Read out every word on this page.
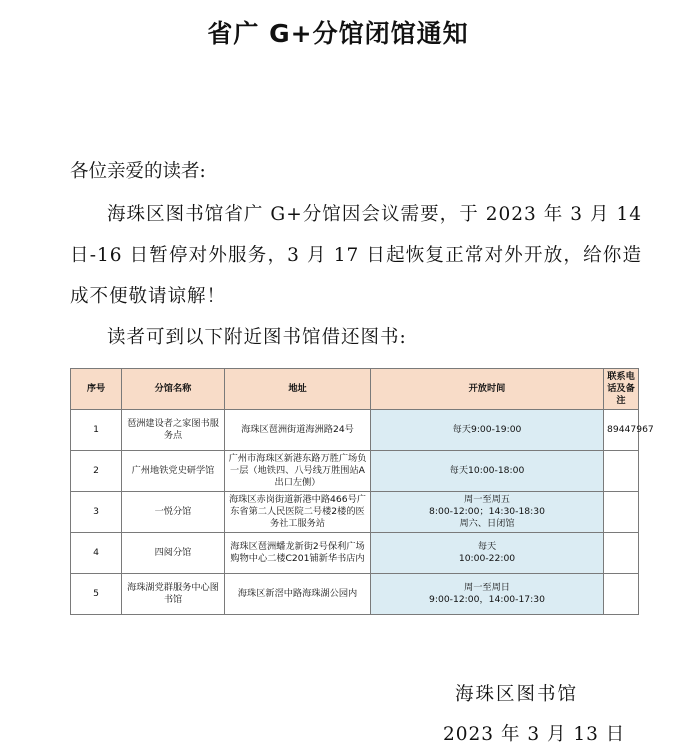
省广 G+分馆闭馆通知
各位亲爱的读者:
海珠区图书馆省广 G+分馆因会议需要，于 2023 年 3 月 14 日-16 日暂停对外服务，3 月 17 日起恢复正常对外开放，给你造成不便敬请谅解！
读者可到以下附近图书馆借还图书:
序号	分馆名称	地址	开放时间	联系电话及备注
1	琶洲建设者之家图书服务点	海珠区琶洲街道海洲路24号	每天9:00-19:00	89447967
2	广州地铁党史研学馆	广州市海珠区新港东路万胜广场负一层（地铁四、八号线万胜围站A出口左侧）	每天10:00-18:00	
3	一悦分馆	海珠区赤岗街道新港中路466号广东省第二人民医院二号楼2楼的医务社工服务站	周一至周五
8:00-12:00；14:30-18:30
周六、日闭馆	
4	四阅分馆	海珠区琶洲蟠龙新街2号保利广场购物中心二楼C201铺新华书店内	每天
10:00-22:00	
5	海珠湖党群服务中心图书馆	海珠区新滘中路海珠湖公园内	周一至周日
9:00-12:00，14:00-17:30	
海珠区图书馆
2023 年 3 月 13 日
